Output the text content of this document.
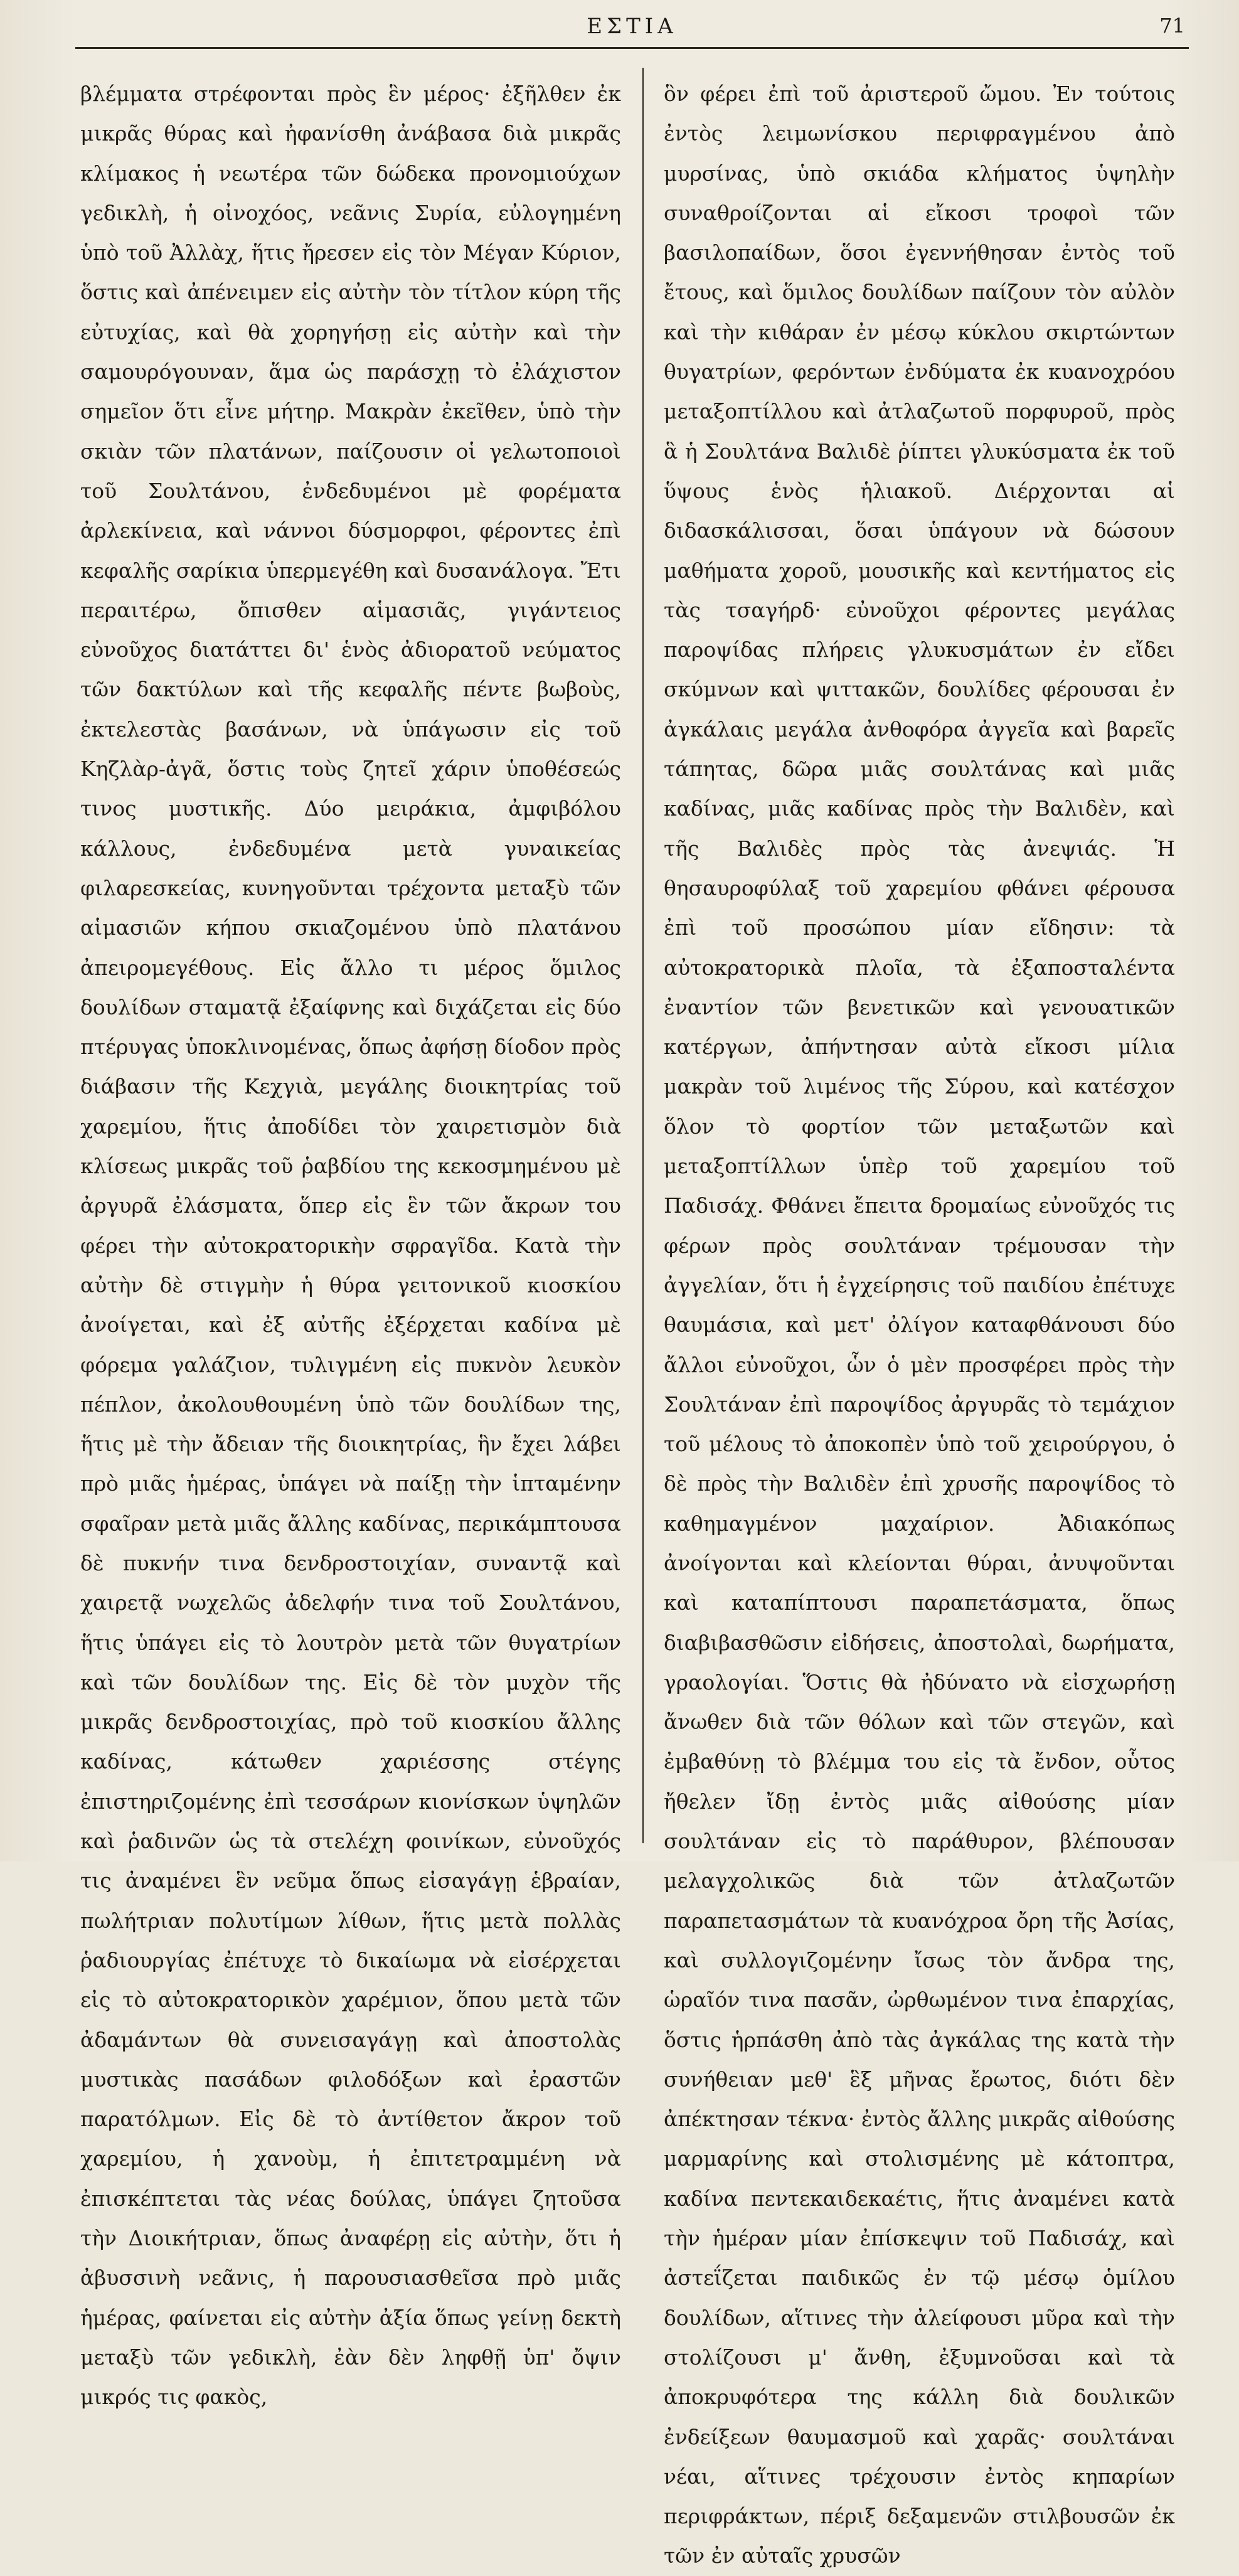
ΕΣΤΙΑ	71

βλέμματα στρέφονται πρὸς ἓν μέρος· ἐξῆλθεν ἐκ μικρᾶς θύρας καὶ ἠφανίσθη ἀνάβασα διὰ μικρᾶς κλίμακος ἡ νεωτέρα τῶν δώδεκα προνομιούχων γεδικλὴ, ἡ οἰνοχόος, νεᾶνις Συρία, εὐλογημένη ὑπὸ τοῦ Ἀλλὰχ, ἥτις ἤρεσεν εἰς τὸν Μέγαν Κύριον, ὅστις καὶ ἀπένειμεν εἰς αὐτὴν τὸν τίτλον κύρη τῆς εὐτυχίας, καὶ θὰ χορηγήσῃ εἰς αὐτὴν καὶ τὴν σαμουρόγουναν, ἅμα ὡς παράσχῃ τὸ ἐλάχιστον σημεῖον ὅτι εἶνε μήτηρ. Μακρὰν ἐκεῖθεν, ὑπὸ τὴν σκιὰν τῶν πλατάνων, παίζουσιν οἱ γελωτοποιοὶ τοῦ Σουλτάνου, ἐνδεδυμένοι μὲ φορέματα ἀρλεκίνεια, καὶ νάννοι δύσμορφοι, φέροντες ἐπὶ κεφαλῆς σαρίκια ὑπερμεγέθη καὶ δυσανάλογα. Ἔτι περαιτέρω, ὄπισθεν αἱμασιᾶς, γιγάντειος εὐνοῦχος διατάττει δι' ἑνὸς ἀδιορατοῦ νεύματος τῶν δακτύλων καὶ τῆς κεφαλῆς πέντε βωβοὺς, ἐκτελεστὰς βασάνων, νὰ ὑπάγωσιν εἰς τοῦ Κηζλὰρ-ἀγᾶ, ὅστις τοὺς ζητεῖ χάριν ὑποθέσεώς τινος μυστικῆς. Δύο μειράκια, ἀμφιβόλου κάλλους, ἐνδεδυμένα μετὰ γυναικείας φιλαρεσκείας, κυνηγοῦνται τρέχοντα μεταξὺ τῶν αἱμασιῶν κήπου σκιαζομένου ὑπὸ πλατάνου ἀπειρομεγέθους. Εἰς ἄλλο τι μέρος ὅμιλος δουλίδων σταματᾷ ἐξαίφνης καὶ διχάζεται εἰς δύο πτέρυγας ὑποκλινομένας, ὅπως ἀφήσῃ δίοδον πρὸς διάβασιν τῆς Κεχγιὰ, μεγάλης διοικητρίας τοῦ χαρεμίου, ἥτις ἀποδίδει τὸν χαιρετισμὸν διὰ κλίσεως μικρᾶς τοῦ ῥαβδίου της κεκοσμημένου μὲ ἀργυρᾶ ἐλάσματα, ὅπερ εἰς ἓν τῶν ἄκρων του φέρει τὴν αὐτοκρατορικὴν σφραγῖδα. Κατὰ τὴν αὐτὴν δὲ στιγμὴν ἡ θύρα γειτονικοῦ κιοσκίου ἀνοίγεται, καὶ ἐξ αὐτῆς ἐξέρχεται καδίνα μὲ φόρεμα γαλάζιον, τυλιγμένη εἰς πυκνὸν λευκὸν πέπλον, ἀκολουθουμένη ὑπὸ τῶν δουλίδων της, ἥτις μὲ τὴν ἄδειαν τῆς διοικητρίας, ἣν ἔχει λάβει πρὸ μιᾶς ἡμέρας, ὑπάγει νὰ παίξῃ τὴν ἱπταμένην σφαῖραν μετὰ μιᾶς ἄλλης καδίνας, περικάμπτουσα δὲ πυκνήν τινα δενδροστοιχίαν, συναντᾷ καὶ χαιρετᾷ νωχελῶς ἀδελφήν τινα τοῦ Σουλτάνου, ἥτις ὑπάγει εἰς τὸ λουτρὸν μετὰ τῶν θυγατρίων καὶ τῶν δουλίδων της. Εἰς δὲ τὸν μυχὸν τῆς μικρᾶς δενδροστοιχίας, πρὸ τοῦ κιοσκίου ἄλλης καδίνας, κάτωθεν χαριέσσης στέγης ἐπιστηριζομένης ἐπὶ τεσσάρων κιονίσκων ὑψηλῶν καὶ ῥαδινῶν ὡς τὰ στελέχη φοινίκων, εὐνοῦχός τις ἀναμένει ἓν νεῦμα ὅπως εἰσαγάγῃ ἑβραίαν, πωλήτριαν πολυτίμων λίθων, ἥτις μετὰ πολλὰς ῥαδιουργίας ἐπέτυχε τὸ δικαίωμα νὰ εἰσέρχεται εἰς τὸ αὐτοκρατορικὸν χαρέμιον, ὅπου μετὰ τῶν ἀδαμάντων θὰ συνεισαγάγῃ καὶ ἀποστολὰς μυστικὰς πασάδων φιλοδόξων καὶ ἐραστῶν παρατόλμων. Εἰς δὲ τὸ ἀντίθετον ἄκρον τοῦ χαρεμίου, ἡ χανοὺμ, ἡ ἐπιτετραμμένη νὰ ἐπισκέπτεται τὰς νέας δούλας, ὑπάγει ζητοῦσα τὴν Διοικήτριαν, ὅπως ἀναφέρῃ εἰς αὐτὴν, ὅτι ἡ ἀβυσσινὴ νεᾶνις, ἡ παρουσιασθεῖσα πρὸ μιᾶς ἡμέρας, φαίνεται εἰς αὐτὴν ἀξία ὅπως γείνῃ δεκτὴ μεταξὺ τῶν γεδικλὴ, ἐὰν δὲν ληφθῇ ὑπ' ὄψιν μικρός τις φακὸς,

ὃν φέρει ἐπὶ τοῦ ἀριστεροῦ ὤμου. Ἐν τούτοις ἐντὸς λειμωνίσκου περιφραγμένου ἀπὸ μυρσίνας, ὑπὸ σκιάδα κλήματος ὑψηλὴν συναθροίζονται αἱ εἴκοσι τροφοὶ τῶν βασιλοπαίδων, ὅσοι ἐγεννήθησαν ἐντὸς τοῦ ἔτους, καὶ ὅμιλος δουλίδων παίζουν τὸν αὐλὸν καὶ τὴν κιθάραν ἐν μέσῳ κύκλου σκιρτώντων θυγατρίων, φερόντων ἐνδύματα ἐκ κυανοχρόου μεταξοπτίλλου καὶ ἀτλαζωτοῦ πορφυροῦ, πρὸς ἃ ἡ Σουλτάνα Βαλιδὲ ῥίπτει γλυκύσματα ἐκ τοῦ ὕψους ἑνὸς ἡλιακοῦ. Διέρχονται αἱ διδασκάλισσαι, ὅσαι ὑπάγουν νὰ δώσουν μαθήματα χοροῦ, μουσικῆς καὶ κεντήματος εἰς τὰς τσαγήρδ· εὐνοῦχοι φέροντες μεγάλας παροψίδας πλήρεις γλυκυσμάτων ἐν εἴδει σκύμνων καὶ ψιττακῶν, δουλίδες φέρουσαι ἐν ἀγκάλαις μεγάλα ἀνθοφόρα ἀγγεῖα καὶ βαρεῖς τάπητας, δῶρα μιᾶς σουλτάνας καὶ μιᾶς καδίνας, μιᾶς καδίνας πρὸς τὴν Βαλιδὲν, καὶ τῆς Βαλιδὲς πρὸς τὰς ἀνεψιάς. Ἡ θησαυροφύλαξ τοῦ χαρεμίου φθάνει φέρουσα ἐπὶ τοῦ προσώπου μίαν εἴδησιν: τὰ αὐτοκρατορικὰ πλοῖα, τὰ ἐξαποσταλέντα ἐναντίον τῶν βενετικῶν καὶ γενουατικῶν κατέργων, ἀπήντησαν αὐτὰ εἴκοσι μίλια μακρὰν τοῦ λιμένος τῆς Σύρου, καὶ κατέσχον ὅλον τὸ φορτίον τῶν μεταξωτῶν καὶ μεταξοπτίλλων ὑπὲρ τοῦ χαρεμίου τοῦ Παδισάχ. Φθάνει ἔπειτα δρομαίως εὐνοῦχός τις φέρων πρὸς σουλτάναν τρέμουσαν τὴν ἀγγελίαν, ὅτι ἡ ἐγχείρησις τοῦ παιδίου ἐπέτυχε θαυμάσια, καὶ μετ' ὀλίγον καταφθάνουσι δύο ἄλλοι εὐνοῦχοι, ὧν ὁ μὲν προσφέρει πρὸς τὴν Σουλτάναν ἐπὶ παροψίδος ἀργυρᾶς τὸ τεμάχιον τοῦ μέλους τὸ ἀποκοπὲν ὑπὸ τοῦ χειρούργου, ὁ δὲ πρὸς τὴν Βαλιδὲν ἐπὶ χρυσῆς παροψίδος τὸ καθημαγμένον μαχαίριον. Ἀδιακόπως ἀνοίγονται καὶ κλείονται θύραι, ἀνυψοῦνται καὶ καταπίπτουσι παραπετάσματα, ὅπως διαβιβασθῶσιν εἰδήσεις, ἀποστολαὶ, δωρήματα, γραολογίαι. Ὅστις θὰ ἠδύνατο νὰ εἰσχωρήσῃ ἄνωθεν διὰ τῶν θόλων καὶ τῶν στεγῶν, καὶ ἐμβαθύνῃ τὸ βλέμμα του εἰς τὰ ἔνδον, οὗτος ἤθελεν ἴδῃ ἐντὸς μιᾶς αἰθούσης μίαν σουλτάναν εἰς τὸ παράθυρον, βλέπουσαν μελαγχολικῶς διὰ τῶν ἀτλαζωτῶν παραπετασμάτων τὰ κυανόχροα ὄρη τῆς Ἀσίας, καὶ συλλογιζομένην ἴσως τὸν ἄνδρα της, ὡραῖόν τινα πασᾶν, ὠρθωμένον τινα ἐπαρχίας, ὅστις ἡρπάσθη ἀπὸ τὰς ἀγκάλας της κατὰ τὴν συνήθειαν μεθ' ἓξ μῆνας ἔρωτος, διότι δὲν ἀπέκτησαν τέκνα· ἐντὸς ἄλλης μικρᾶς αἰθούσης μαρμαρίνης καὶ στολισμένης μὲ κάτοπτρα, καδίνα πεντεκαιδεκαέτις, ἥτις ἀναμένει κατὰ τὴν ἡμέραν μίαν ἐπίσκεψιν τοῦ Παδισάχ, καὶ ἀστεΐζεται παιδικῶς ἐν τῷ μέσῳ ὁμίλου δουλίδων, αἵτινες τὴν ἀλείφουσι μῦρα καὶ τὴν στολίζουσι μ' ἄνθη, ἐξυμνοῦσαι καὶ τὰ ἀποκρυφότερα της κάλλη διὰ δουλικῶν ἐνδείξεων θαυμασμοῦ καὶ χαρᾶς· σουλτάναι νέαι, αἵτινες τρέχουσιν ἐντὸς κηπαρίων περιφράκτων, πέριξ δεξαμενῶν στιλβουσῶν ἐκ τῶν ἐν αὐταῖς χρυσῶν
